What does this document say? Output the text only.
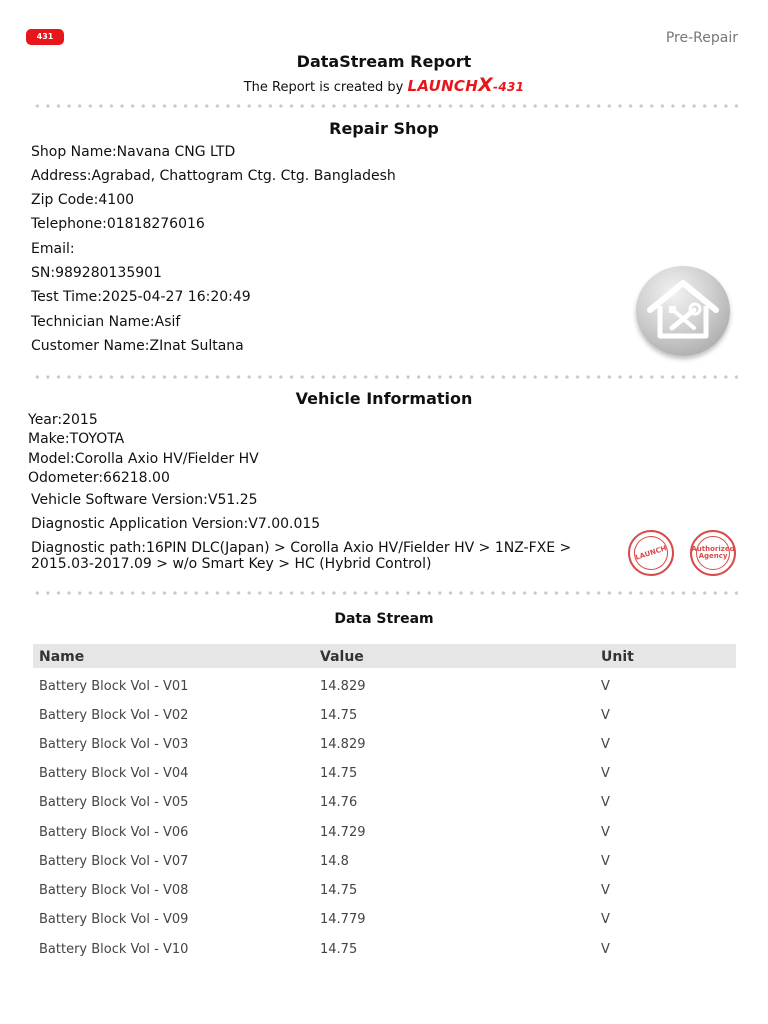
431	Pre-Repair
DataStream Report
The Report is created by LAUNCHX-431
Repair Shop
Shop Name:Navana CNG LTD
Address:Agrabad, Chattogram Ctg. Ctg. Bangladesh
Zip Code:4100
Telephone:01818276016
Email:
SN:989280135901
Test Time:2025-04-27 16:20:49
Technician Name:Asif
Customer Name:ZInat Sultana
Vehicle Information
Year:2015
Make:TOYOTA
Model:Corolla Axio HV/Fielder HV
Odometer:66218.00
Vehicle Software Version:V51.25
Diagnostic Application Version:V7.00.015
Diagnostic path:16PIN DLC(Japan) > Corolla Axio HV/Fielder HV > 1NZ-FXE > 2015.03-2017.09 > w/o Smart Key > HC (Hybrid Control)
LAUNCH	Authorized Agency
Data Stream
Name	Value	Unit
Battery Block Vol - V01	14.829	V
Battery Block Vol - V02	14.75	V
Battery Block Vol - V03	14.829	V
Battery Block Vol - V04	14.75	V
Battery Block Vol - V05	14.76	V
Battery Block Vol - V06	14.729	V
Battery Block Vol - V07	14.8	V
Battery Block Vol - V08	14.75	V
Battery Block Vol - V09	14.779	V
Battery Block Vol - V10	14.75	V
